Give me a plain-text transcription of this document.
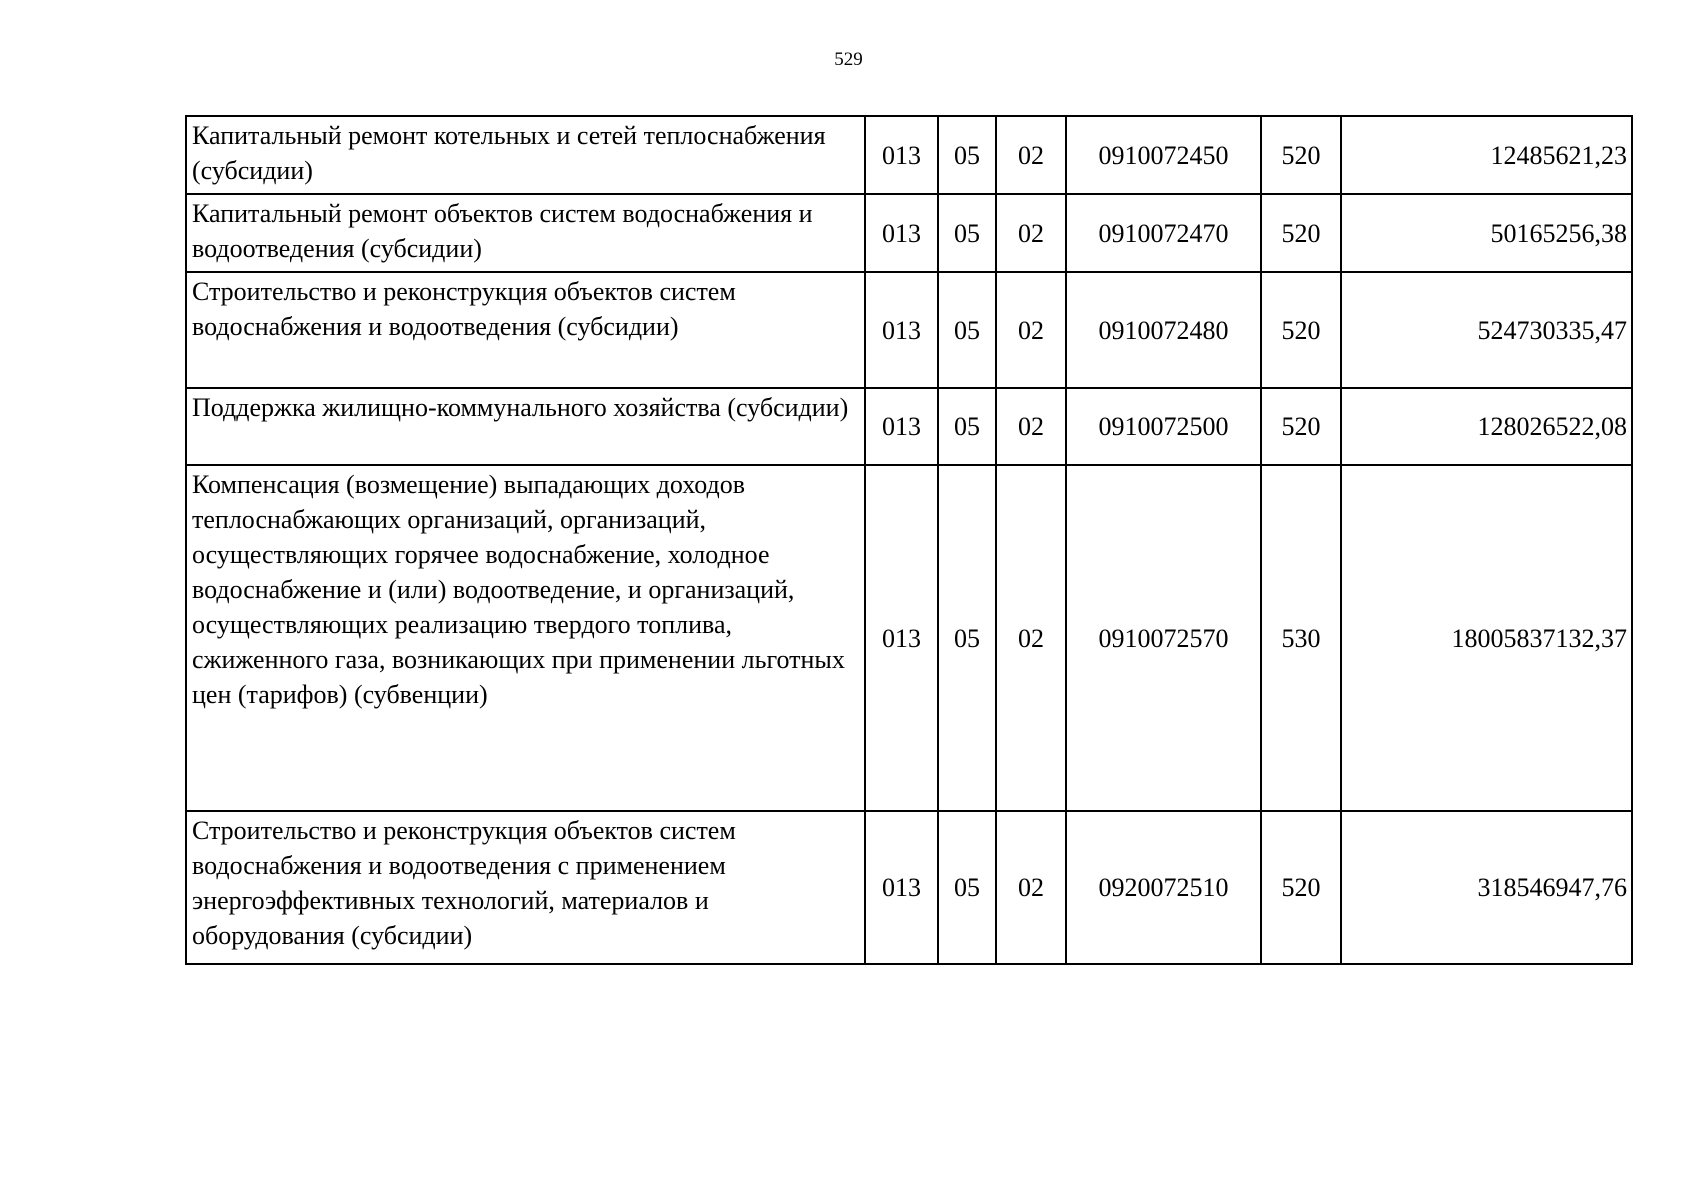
529
Капитальный ремонт котельных и сетей теплоснабжения (субсидии)	013	05	02	0910072450	520	12485621,23
Капитальный ремонт объектов систем водоснабжения и водоотведения (субсидии)	013	05	02	0910072470	520	50165256,38
Строительство и реконструкция объектов систем водоснабжения и водоотведения (субсидии)	013	05	02	0910072480	520	524730335,47
Поддержка жилищно-коммунального хозяйства (субсидии)	013	05	02	0910072500	520	128026522,08
Компенсация (возмещение) выпадающих доходов теплоснабжающих организаций, организаций, осуществляющих горячее водоснабжение, холодное водоснабжение и (или) водоотведение, и организаций, осуществляющих реализацию твердого топлива, сжиженного газа, возникающих при применении льготных цен (тарифов) (субвенции)	013	05	02	0910072570	530	18005837132,37
Строительство и реконструкция объектов систем водоснабжения и водоотведения с применением энергоэффективных технологий, материалов и оборудования (субсидии)	013	05	02	0920072510	520	318546947,76
